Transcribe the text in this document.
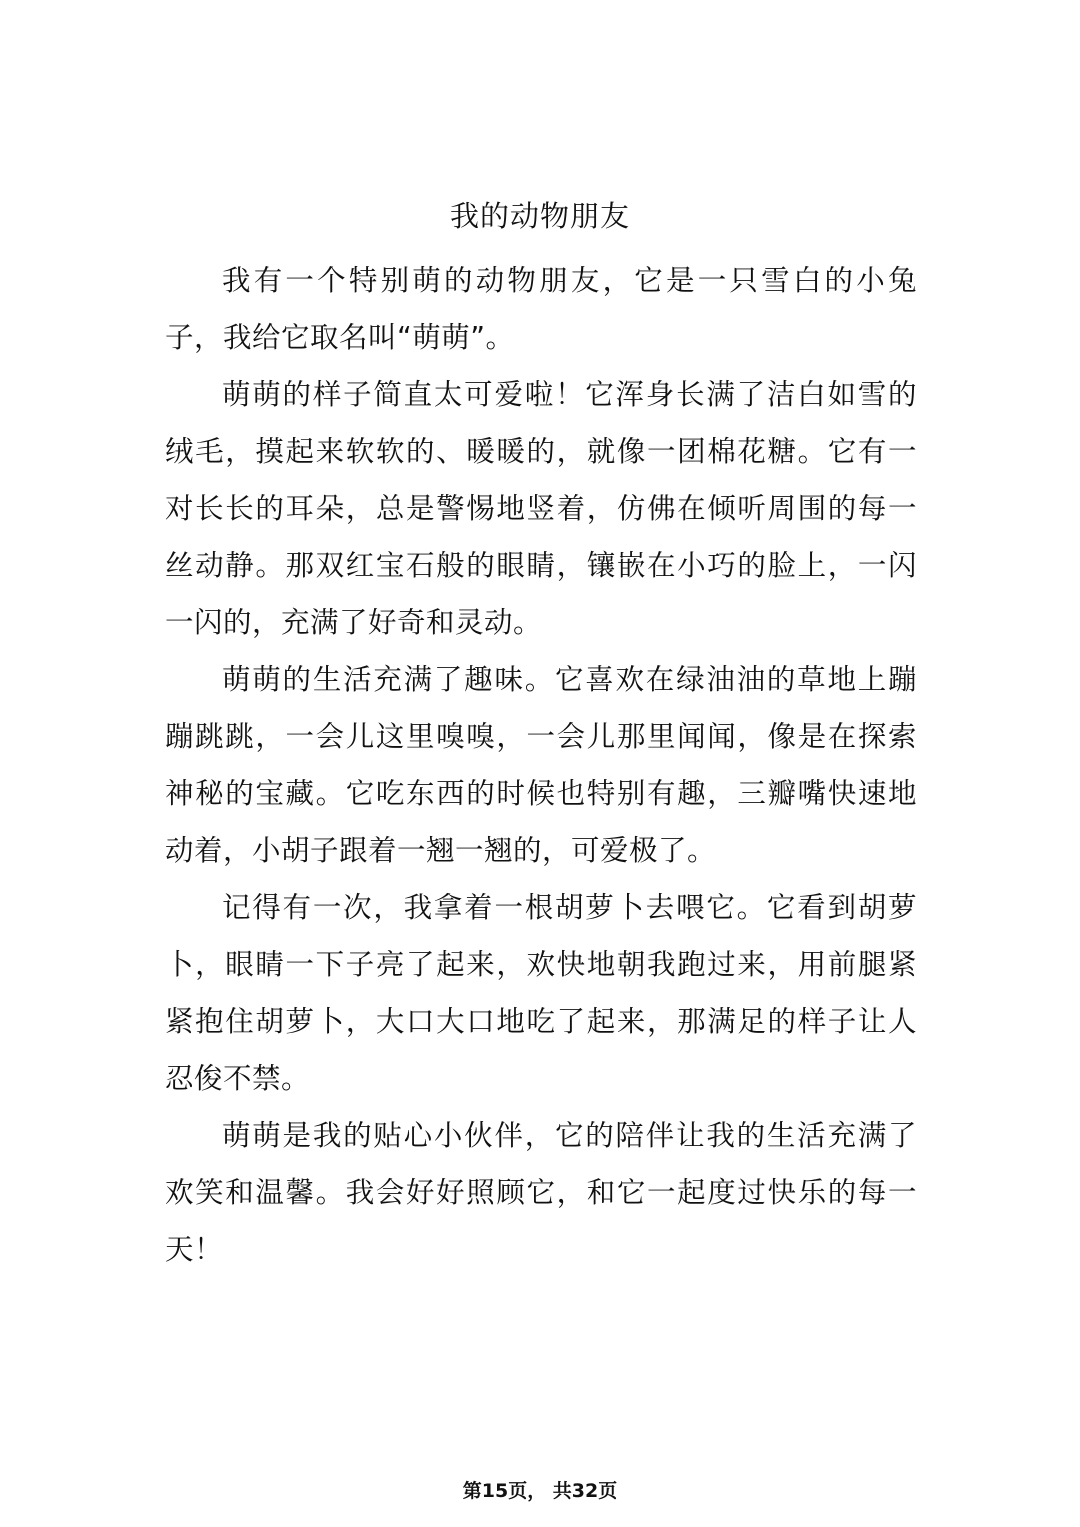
我的动物朋友

我有一个特别萌的动物朋友，它是一只雪白的小兔子，我给它取名叫“萌萌”。

萌萌的样子简直太可爱啦！它浑身长满了洁白如雪的绒毛，摸起来软软的、暖暖的，就像一团棉花糖。它有一对长长的耳朵，总是警惕地竖着，仿佛在倾听周围的每一丝动静。那双红宝石般的眼睛，镶嵌在小巧的脸上，一闪一闪的，充满了好奇和灵动。

萌萌的生活充满了趣味。它喜欢在绿油油的草地上蹦蹦跳跳，一会儿这里嗅嗅，一会儿那里闻闻，像是在探索神秘的宝藏。它吃东西的时候也特别有趣，三瓣嘴快速地动着，小胡子跟着一翘一翘的，可爱极了。

记得有一次，我拿着一根胡萝卜去喂它。它看到胡萝卜，眼睛一下子亮了起来，欢快地朝我跑过来，用前腿紧紧抱住胡萝卜，大口大口地吃了起来，那满足的样子让人忍俊不禁。

萌萌是我的贴心小伙伴，它的陪伴让我的生活充满了欢笑和温馨。我会好好照顾它，和它一起度过快乐的每一天！

第15页， 共32页
